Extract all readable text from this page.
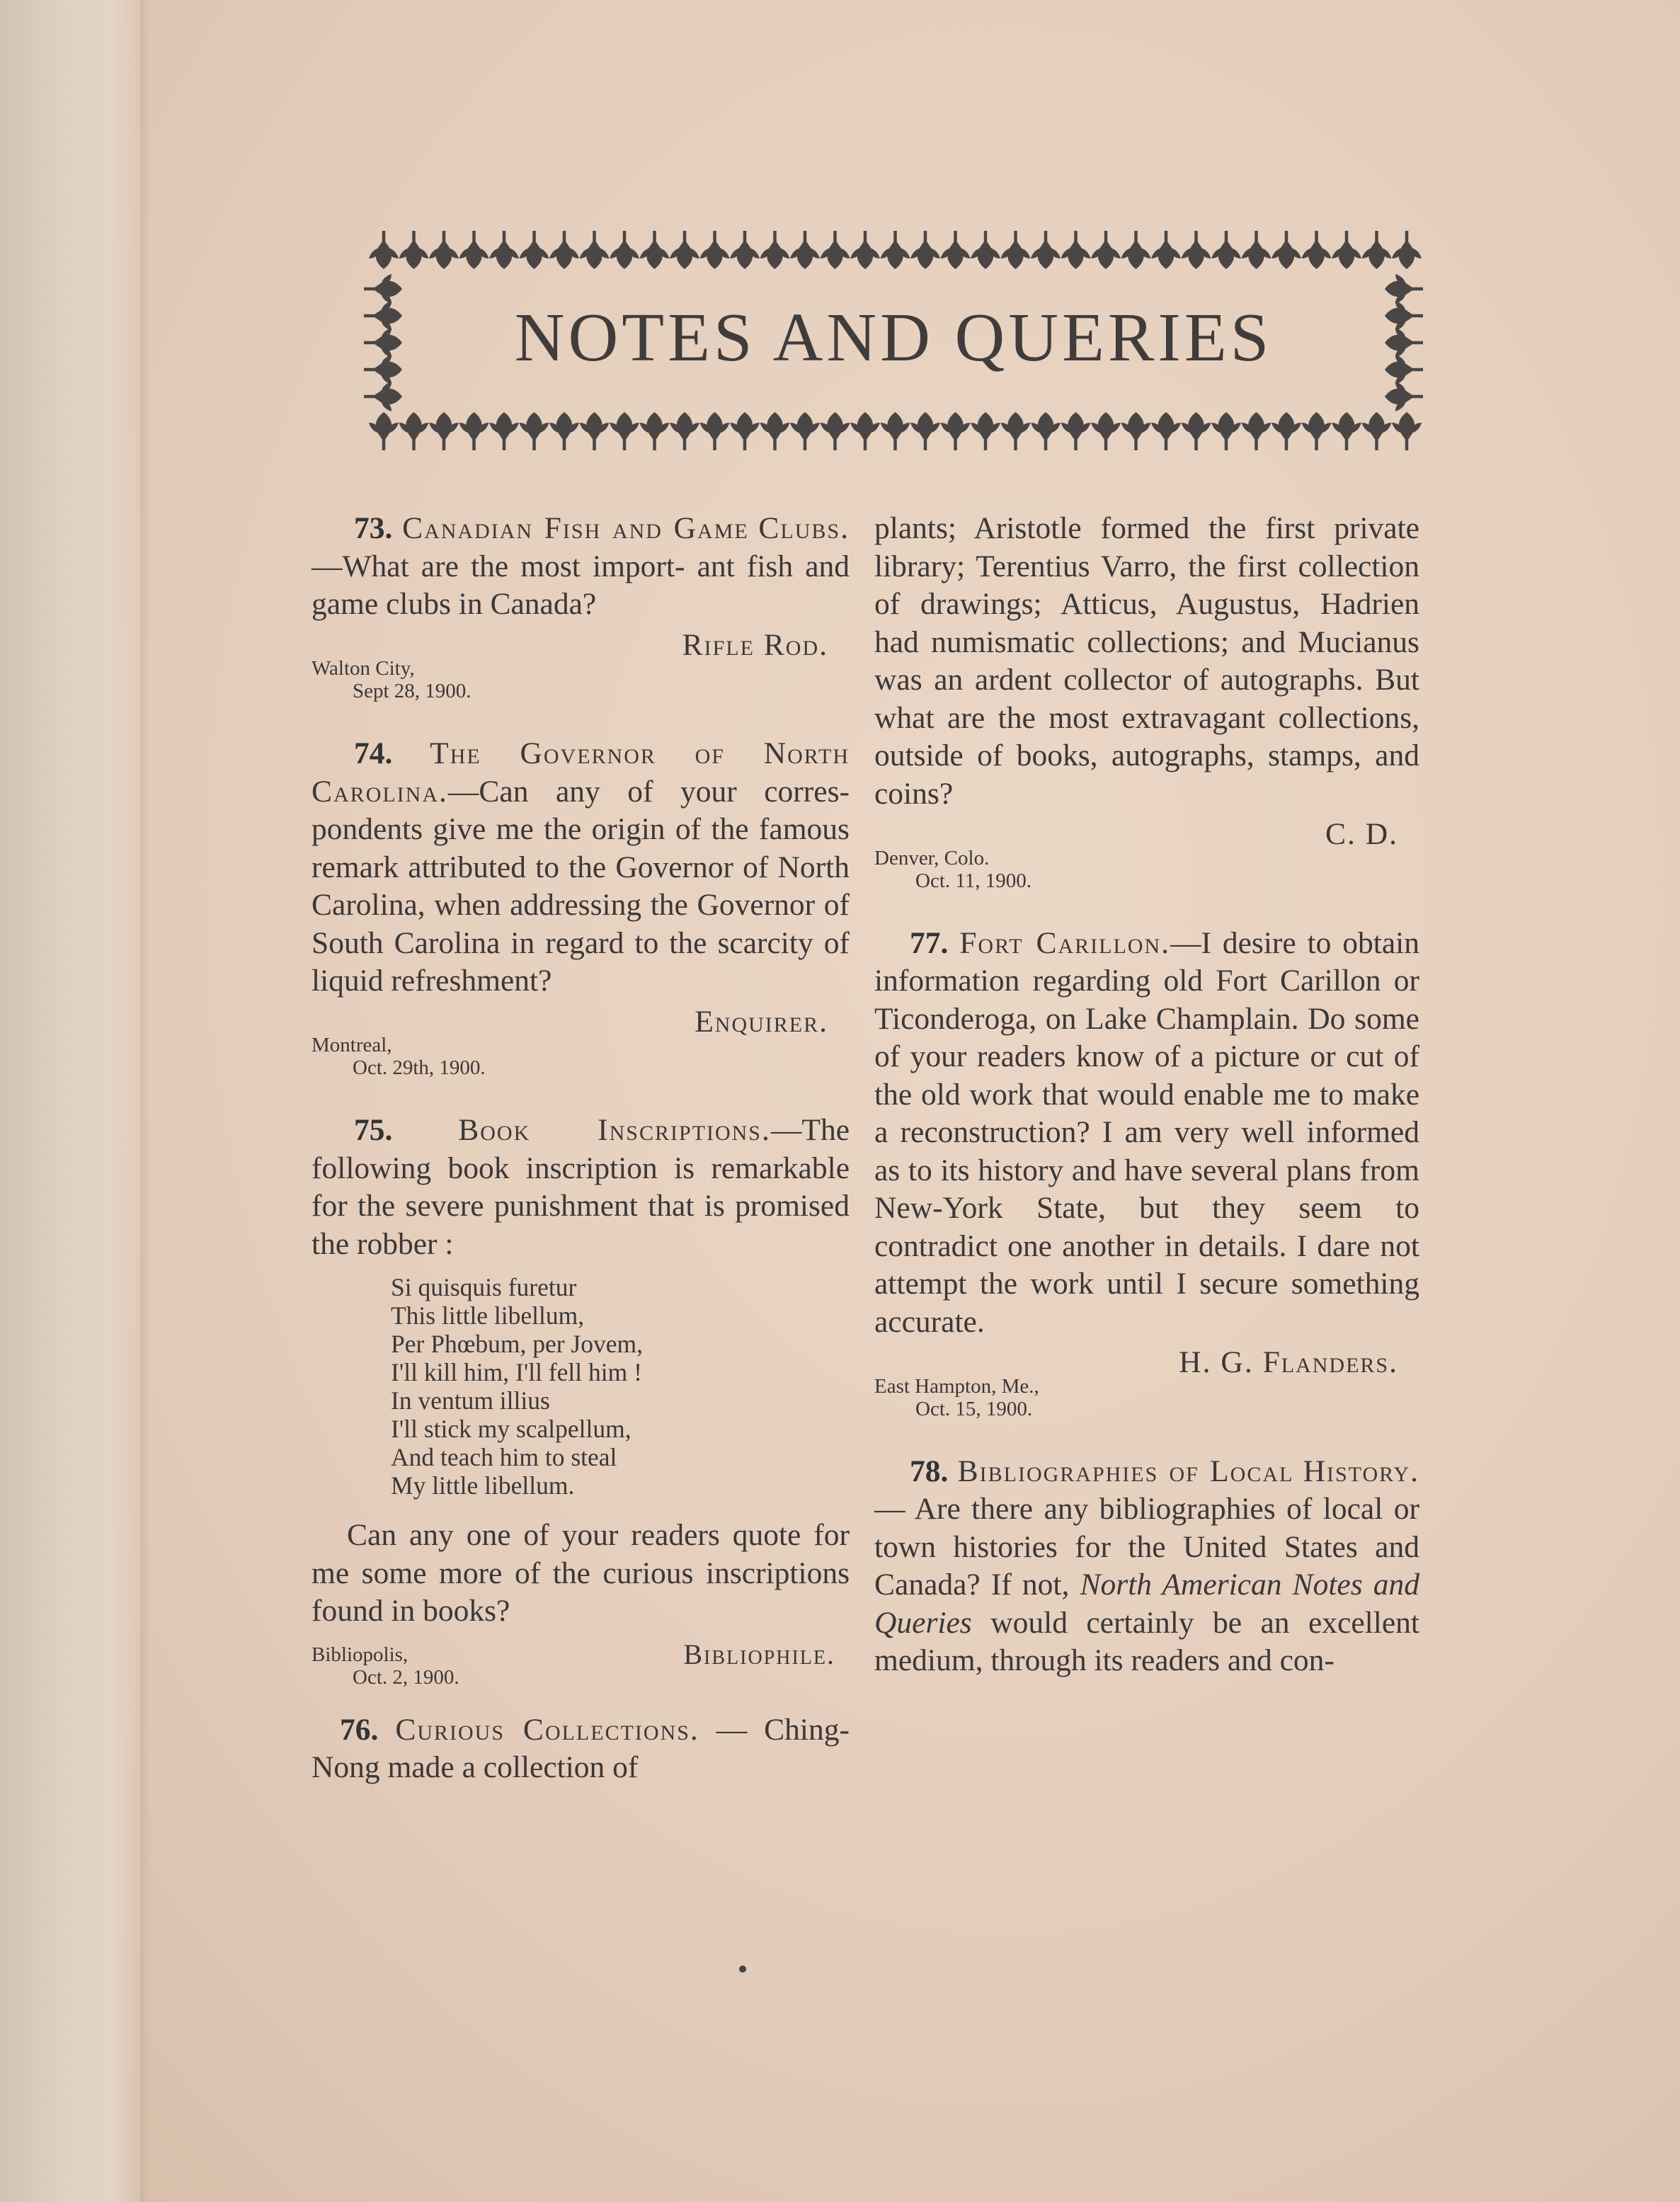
NOTES AND QUERIES

73. Canadian Fish and Game Clubs.—What are the most import- ant fish and game clubs in Canada?

Rifle Rod.
Walton City,
Sept 28, 1900.

74. The Governor of North Carolina.—Can any of your corres- pondents give me the origin of the famous remark attributed to the Governor of North Carolina, when addressing the Governor of South Carolina in regard to the scarcity of liquid refreshment?

Enquirer.
Montreal,
Oct. 29th, 1900.

75. Book Inscriptions.—The following book inscription is remarkable for the severe punishment that is promised the robber :

Si quisquis furetur
This little libellum,
Per Phœbum, per Jovem,
I'll kill him, I'll fell him !
In ventum illius
I'll stick my scalpellum,
And teach him to steal
My little libellum.

Can any one of your readers quote for me some more of the curious inscriptions found in books?

Bibliopolis,
Oct. 2, 1900.
Bibliophile.

76. Curious Collections. — Ching-Nong made a collection of

plants; Aristotle formed the first private library; Terentius Varro, the first collection of drawings; Atticus, Augustus, Hadrien had numismatic collections; and Mucianus was an ardent collector of autographs. But what are the most extravagant collections, outside of books, autographs, stamps, and coins?

C. D.
Denver, Colo.
Oct. 11, 1900.

77. Fort Carillon.—I desire to obtain information regarding old Fort Carillon or Ticonderoga, on Lake Champlain. Do some of your readers know of a picture or cut of the old work that would enable me to make a reconstruction? I am very well informed as to its history and have several plans from New-York State, but they seem to contradict one another in details. I dare not attempt the work until I secure something accurate.

H. G. Flanders.
East Hampton, Me.,
Oct. 15, 1900.

78. Bibliographies of Local History.— Are there any bibliographies of local or town histories for the United States and Canada? If not, North American Notes and Queries would certainly be an excellent medium, through its readers and con-
